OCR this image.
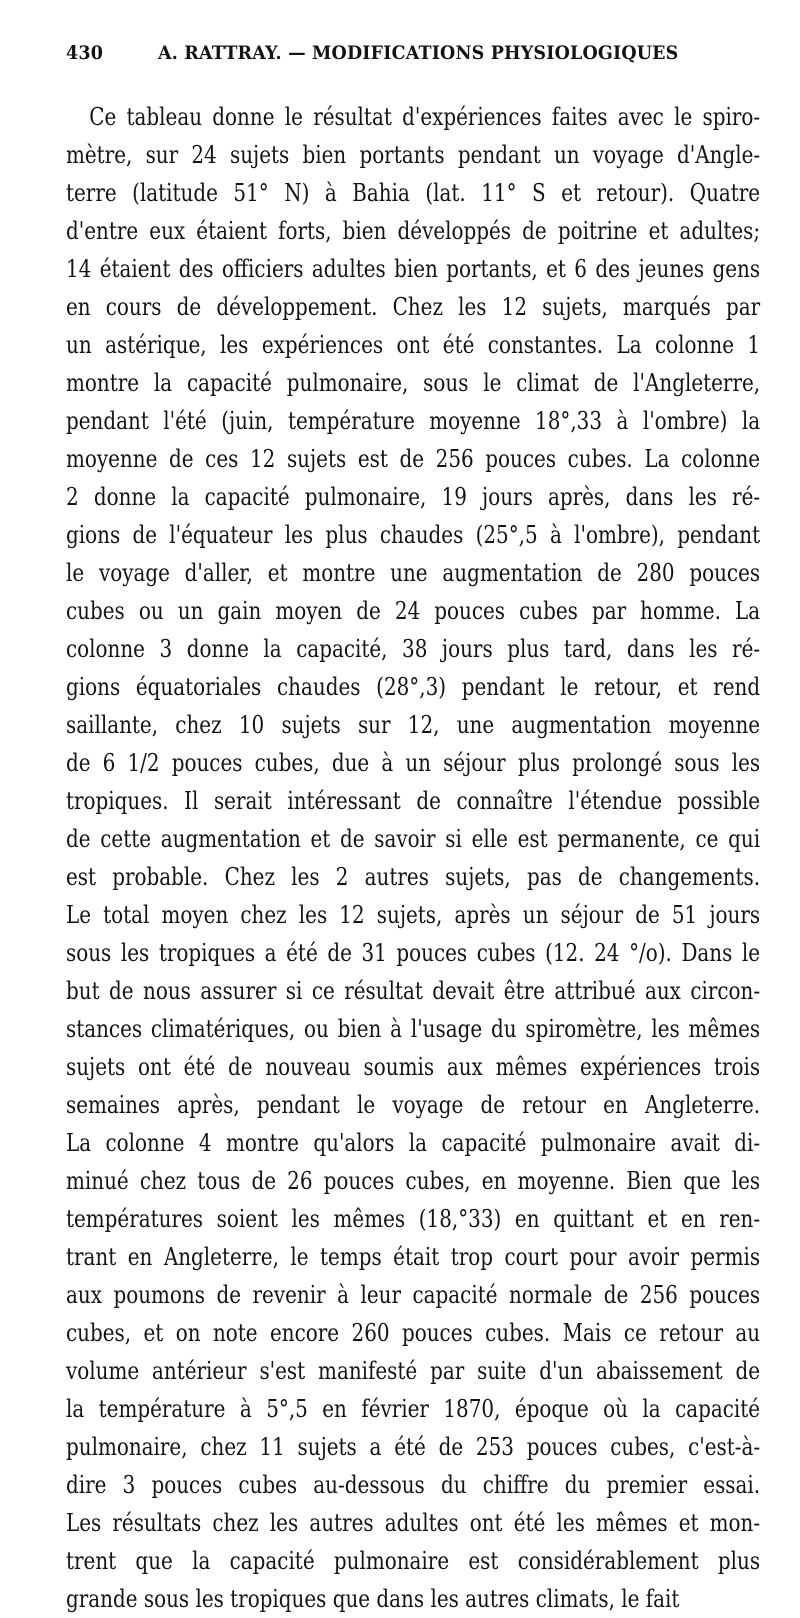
430	A. RATTRAY. — MODIFICATIONS PHYSIOLOGIQUES
Ce tableau donne le résultat d'expériences faites avec le spiro-
mètre, sur 24 sujets bien portants pendant un voyage d'Angle-
terre (latitude 51° N) à Bahia (lat. 11° S et retour). Quatre
d'entre eux étaient forts, bien développés de poitrine et adultes;
14 étaient des officiers adultes bien portants, et 6 des jeunes gens
en cours de développement. Chez les 12 sujets, marqués par
un astérique, les expériences ont été constantes. La colonne 1
montre la capacité pulmonaire, sous le climat de l'Angleterre,
pendant l'été (juin, température moyenne 18°,33 à l'ombre) la
moyenne de ces 12 sujets est de 256 pouces cubes. La colonne
2 donne la capacité pulmonaire, 19 jours après, dans les ré-
gions de l'équateur les plus chaudes (25°,5 à l'ombre), pendant
le voyage d'aller, et montre une augmentation de 280 pouces
cubes ou un gain moyen de 24 pouces cubes par homme. La
colonne 3 donne la capacité, 38 jours plus tard, dans les ré-
gions équatoriales chaudes (28°,3) pendant le retour, et rend
saillante, chez 10 sujets sur 12, une augmentation moyenne
de 6 1/2 pouces cubes, due à un séjour plus prolongé sous les
tropiques. Il serait intéressant de connaître l'étendue possible
de cette augmentation et de savoir si elle est permanente, ce qui
est probable. Chez les 2 autres sujets, pas de changements.
Le total moyen chez les 12 sujets, après un séjour de 51 jours
sous les tropiques a été de 31 pouces cubes (12. 24 °/o). Dans le
but de nous assurer si ce résultat devait être attribué aux circon-
stances climatériques, ou bien à l'usage du spiromètre, les mêmes
sujets ont été de nouveau soumis aux mêmes expériences trois
semaines après, pendant le voyage de retour en Angleterre.
La colonne 4 montre qu'alors la capacité pulmonaire avait di-
minué chez tous de 26 pouces cubes, en moyenne. Bien que les
températures soient les mêmes (18,°33) en quittant et en ren-
trant en Angleterre, le temps était trop court pour avoir permis
aux poumons de revenir à leur capacité normale de 256 pouces
cubes, et on note encore 260 pouces cubes. Mais ce retour au
volume antérieur s'est manifesté par suite d'un abaissement de
la température à 5°,5 en février 1870, époque où la capacité
pulmonaire, chez 11 sujets a été de 253 pouces cubes, c'est-à-
dire 3 pouces cubes au-dessous du chiffre du premier essai.
Les résultats chez les autres adultes ont été les mêmes et mon-
trent que la capacité pulmonaire est considérablement plus
grande sous les tropiques que dans les autres climats, le fait
